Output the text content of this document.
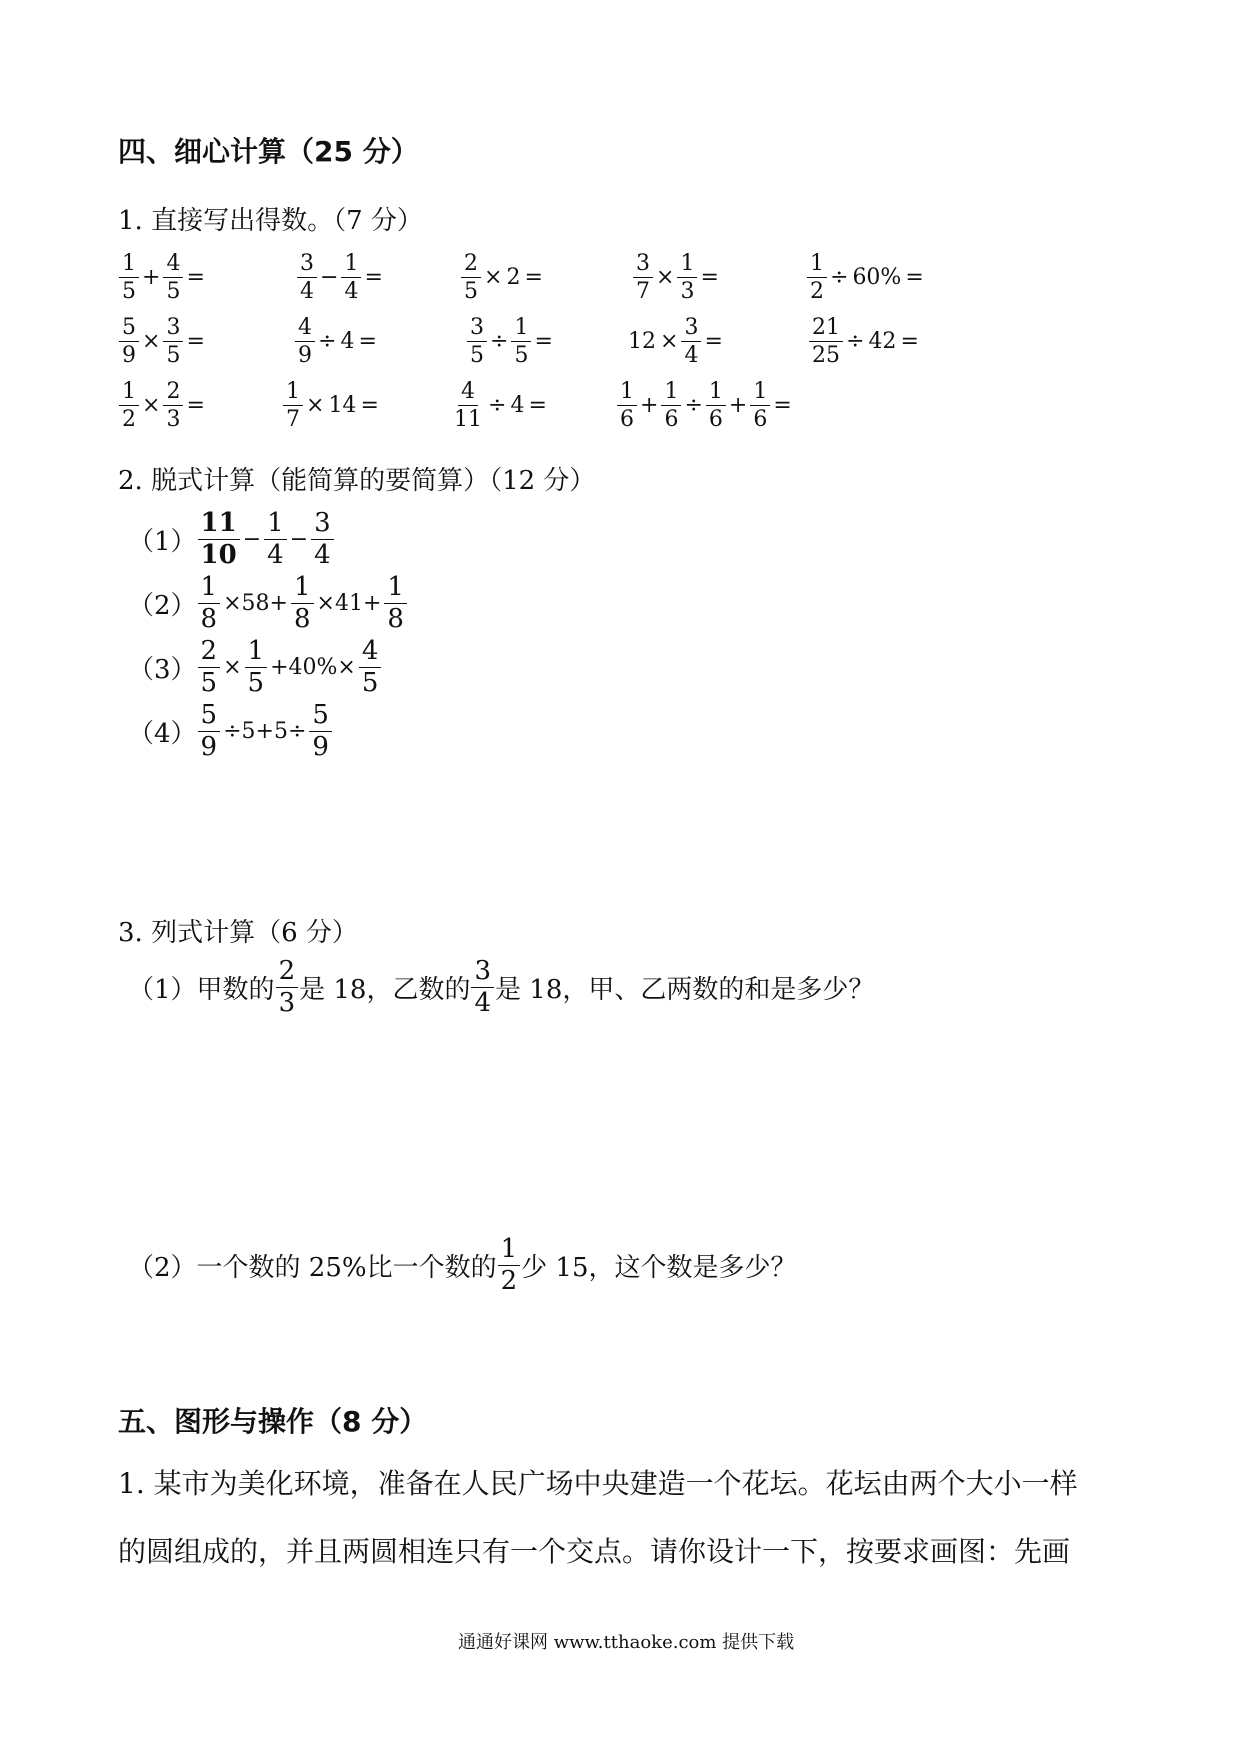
四、细心计算（25 分）
1. 直接写出得数。（7 分）
$\frac{1}{5} + \frac{4}{5}$ =	$\frac{3}{4} - \frac{1}{4}$ =	$\frac{2}{5} \times 2$ =	$\frac{3}{7} \times \frac{1}{3}$ =	$\frac{1}{2} \div 60\%$ =
$\frac{5}{9} \times \frac{3}{5}$ =	$\frac{4}{9} \div 4$ =	$\frac{3}{5} \div \frac{1}{5}$ =	$12 \times \frac{3}{4}$ =	$\frac{21}{25} \div 42$ =
$\frac{1}{2} \times \frac{2}{3}$ =	$\frac{1}{7} \times 14$ =	$\frac{4}{11} \div 4$ =	$\frac{1}{6} + \frac{1}{6} \div \frac{1}{6} + \frac{1}{6}$ =
2. 脱式计算（能简算的要简算）（12 分）
$(1) \frac{11}{10} - \frac{1}{4} - \frac{3}{4}$
$(2) \frac{1}{8} \times 58+ \frac{1}{8} \times 41+ \frac{1}{8}$
$(3) \frac{2}{5} \times \frac{1}{5} +40\%\times \frac{4}{5}$
$(4) \frac{5}{9} \div 5+5\div \frac{5}{9}$
3. 列式计算（6 分）
（1） 甲数的 $\frac{2}{3}$ 是 18，乙数的 $\frac{3}{4}$ 是 18，甲、乙两数的和是多少？
（2） 一个数的 25%比一个数的 $\frac{1}{2}$ 少 15，这个数是多少？
五、图形与操作（8 分）
1. 某市为美化环境，准备在人民广场中央建造一个花坛。花坛由两个大小一样
的圆组成的，并且两圆相连只有一个交点。请你设计一下，按要求画图：先画
通通好课网 www.tthaoke.com 提供下载
